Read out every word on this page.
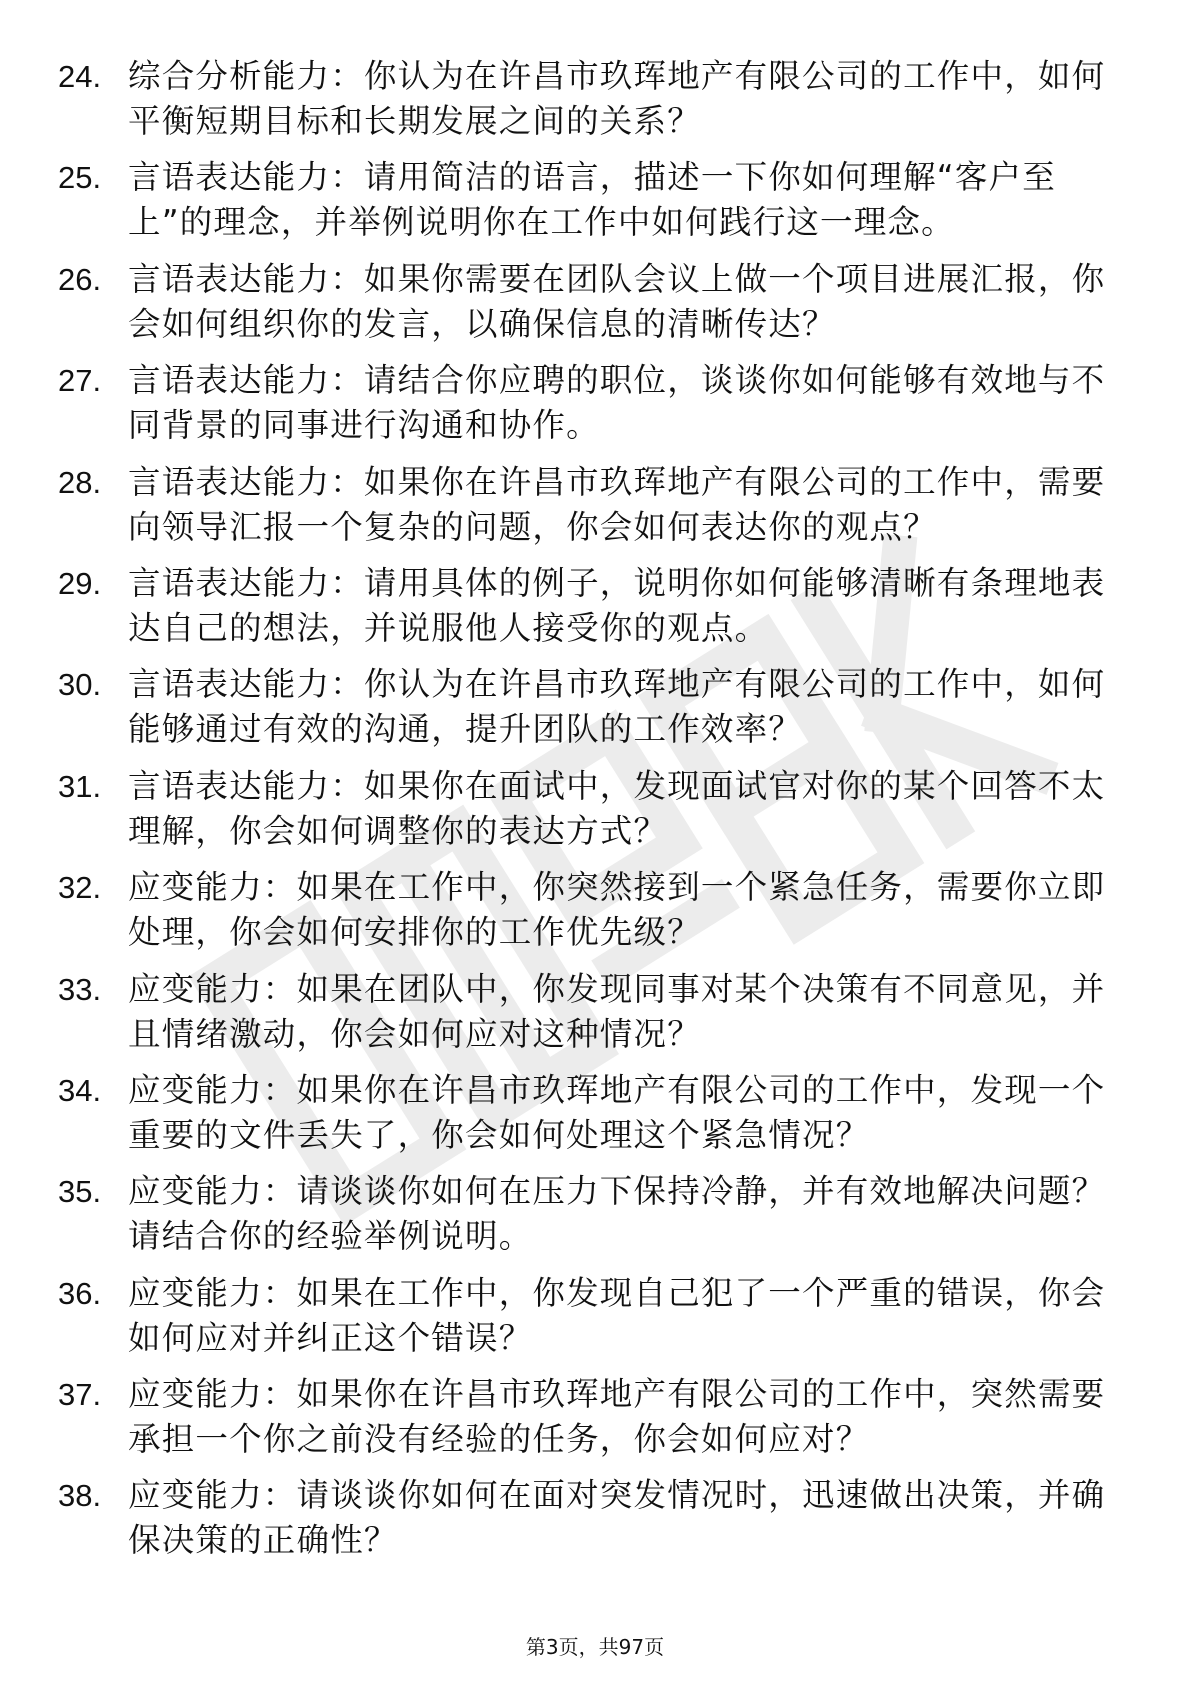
24. 综合分析能力：你认为在许昌市玖珲地产有限公司的工作中，如何平衡短期目标和长期发展之间的关系？
25. 言语表达能力：请用简洁的语言，描述一下你如何理解“客户至上”的理念，并举例说明你在工作中如何践行这一理念。
26. 言语表达能力：如果你需要在团队会议上做一个项目进展汇报，你会如何组织你的发言，以确保信息的清晰传达？
27. 言语表达能力：请结合你应聘的职位，谈谈你如何能够有效地与不同背景的同事进行沟通和协作。
28. 言语表达能力：如果你在许昌市玖珲地产有限公司的工作中，需要向领导汇报一个复杂的问题，你会如何表达你的观点？
29. 言语表达能力：请用具体的例子，说明你如何能够清晰有条理地表达自己的想法，并说服他人接受你的观点。
30. 言语表达能力：你认为在许昌市玖珲地产有限公司的工作中，如何能够通过有效的沟通，提升团队的工作效率？
31. 言语表达能力：如果你在面试中，发现面试官对你的某个回答不太理解，你会如何调整你的表达方式？
32. 应变能力：如果在工作中，你突然接到一个紧急任务，需要你立即处理，你会如何安排你的工作优先级？
33. 应变能力：如果在团队中，你发现同事对某个决策有不同意见，并且情绪激动，你会如何应对这种情况？
34. 应变能力：如果你在许昌市玖珲地产有限公司的工作中，发现一个重要的文件丢失了，你会如何处理这个紧急情况？
35. 应变能力：请谈谈你如何在压力下保持冷静，并有效地解决问题？请结合你的经验举例说明。
36. 应变能力：如果在工作中，你发现自己犯了一个严重的错误，你会如何应对并纠正这个错误？
37. 应变能力：如果你在许昌市玖珲地产有限公司的工作中，突然需要承担一个你之前没有经验的任务，你会如何应对？
38. 应变能力：请谈谈你如何在面对突发情况时，迅速做出决策，并确保决策的正确性？
第3页，共97页
